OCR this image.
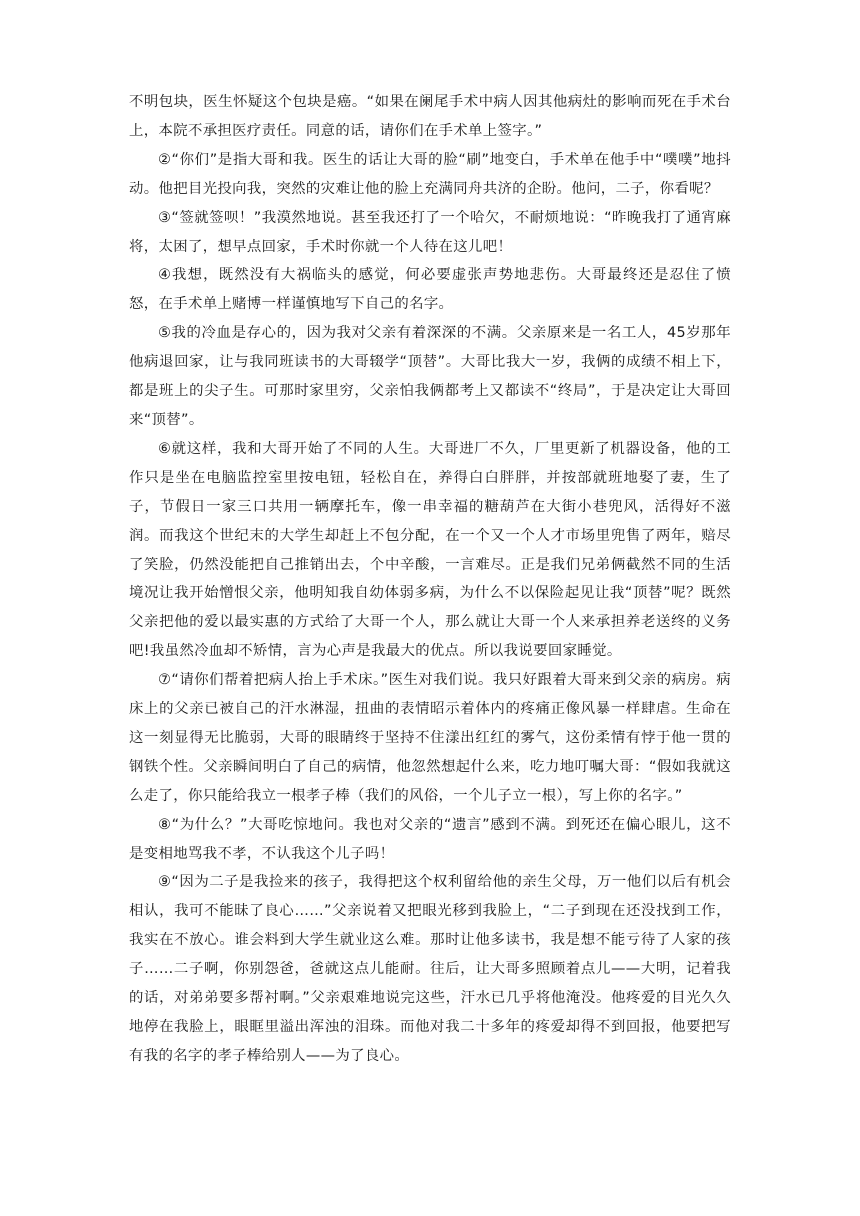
不明包块，医生怀疑这个包块是癌。“如果在阑尾手术中病人因其他病灶的影响而死在手术台上，本院不承担医疗责任。同意的话，请你们在手术单上签字。”

②“你们”是指大哥和我。医生的话让大哥的脸“刷”地变白，手术单在他手中“噗噗”地抖动。他把目光投向我，突然的灾难让他的脸上充满同舟共济的企盼。他问，二子，你看呢？

③“签就签呗！”我漠然地说。甚至我还打了一个哈欠，不耐烦地说：“昨晚我打了通宵麻将，太困了，想早点回家，手术时你就一个人待在这儿吧！

④我想，既然没有大祸临头的感觉，何必要虚张声势地悲伤。大哥最终还是忍住了愤怒，在手术单上赌博一样谨慎地写下自己的名字。

⑤我的冷血是存心的，因为我对父亲有着深深的不满。父亲原来是一名工人，45岁那年他病退回家，让与我同班读书的大哥辍学“顶替”。大哥比我大一岁，我俩的成绩不相上下，都是班上的尖子生。可那时家里穷，父亲怕我俩都考上又都读不“终局”，于是决定让大哥回来“顶替”。

⑥就这样，我和大哥开始了不同的人生。大哥进厂不久，厂里更新了机器设备，他的工作只是坐在电脑监控室里按电钮，轻松自在，养得白白胖胖，并按部就班地娶了妻，生了子，节假日一家三口共用一辆摩托车，像一串幸福的糖葫芦在大街小巷兜风，活得好不滋润。而我这个世纪末的大学生却赶上不包分配，在一个又一个人才市场里兜售了两年，赔尽了笑脸，仍然没能把自己推销出去，个中辛酸，一言难尽。正是我们兄弟俩截然不同的生活境况让我开始憎恨父亲，他明知我自幼体弱多病，为什么不以保险起见让我“顶替”呢？既然父亲把他的爱以最实惠的方式给了大哥一个人，那么就让大哥一个人来承担养老送终的义务吧!我虽然冷血却不矫情，言为心声是我最大的优点。所以我说要回家睡觉。

⑦“请你们帮着把病人抬上手术床。”医生对我们说。我只好跟着大哥来到父亲的病房。病床上的父亲已被自己的汗水淋湿，扭曲的表情昭示着体内的疼痛正像风暴一样肆虐。生命在这一刻显得无比脆弱，大哥的眼睛终于坚持不住漾出红红的雾气，这份柔情有悖于他一贯的钢铁个性。父亲瞬间明白了自己的病情，他忽然想起什么来，吃力地叮嘱大哥：“假如我就这么走了，你只能给我立一根孝子棒（我们的风俗，一个儿子立一根），写上你的名字。”

⑧“为什么？”大哥吃惊地问。我也对父亲的“遗言”感到不满。到死还在偏心眼儿，这不是变相地骂我不孝，不认我这个儿子吗！

⑨“因为二子是我捡来的孩子，我得把这个权利留给他的亲生父母，万一他们以后有机会相认，我可不能昧了良心……”父亲说着又把眼光移到我脸上，“二子到现在还没找到工作，我实在不放心。谁会料到大学生就业这么难。那时让他多读书，我是想不能亏待了人家的孩子……二子啊，你别怨爸，爸就这点儿能耐。往后，让大哥多照顾着点儿——大明，记着我的话，对弟弟要多帮衬啊。”父亲艰难地说完这些，汗水已几乎将他淹没。他疼爱的目光久久地停在我脸上，眼眶里溢出浑浊的泪珠。而他对我二十多年的疼爱却得不到回报，他要把写有我的名字的孝子棒给别人——为了良心。
